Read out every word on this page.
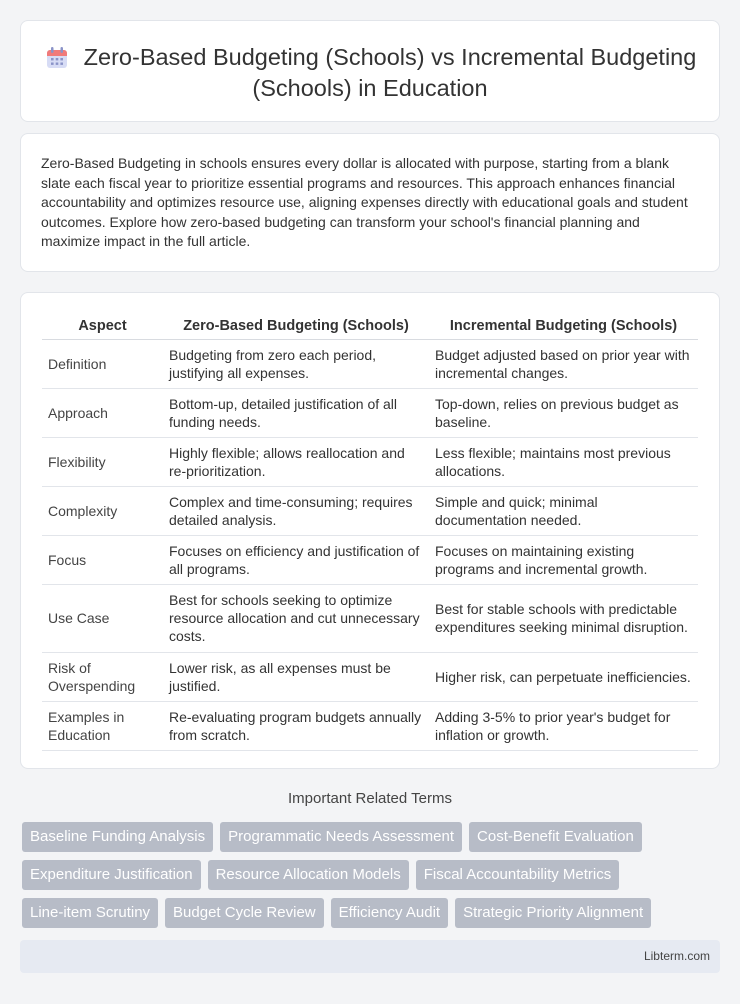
Zero-Based Budgeting (Schools) vs Incremental Budgeting (Schools) in Education

Zero-Based Budgeting in schools ensures every dollar is allocated with purpose, starting from a blank slate each fiscal year to prioritize essential programs and resources. This approach enhances financial accountability and optimizes resource use, aligning expenses directly with educational goals and student outcomes. Explore how zero-based budgeting can transform your school's financial planning and maximize impact in the full article.

Aspect	Zero-Based Budgeting (Schools)	Incremental Budgeting (Schools)
Definition	Budgeting from zero each period, justifying all expenses.	Budget adjusted based on prior year with incremental changes.
Approach	Bottom-up, detailed justification of all funding needs.	Top-down, relies on previous budget as baseline.
Flexibility	Highly flexible; allows reallocation and re-prioritization.	Less flexible; maintains most previous allocations.
Complexity	Complex and time-consuming; requires detailed analysis.	Simple and quick; minimal documentation needed.
Focus	Focuses on efficiency and justification of all programs.	Focuses on maintaining existing programs and incremental growth.
Use Case	Best for schools seeking to optimize resource allocation and cut unnecessary costs.	Best for stable schools with predictable expenditures seeking minimal disruption.
Risk of Overspending	Lower risk, as all expenses must be justified.	Higher risk, can perpetuate inefficiencies.
Examples in Education	Re-evaluating program budgets annually from scratch.	Adding 3-5% to prior year's budget for inflation or growth.
Important Related Terms
Baseline Funding Analysis	Programmatic Needs Assessment	Cost-Benefit Evaluation
Expenditure Justification	Resource Allocation Models	Fiscal Accountability Metrics
Line-item Scrutiny	Budget Cycle Review	Efficiency Audit	Strategic Priority Alignment
Libterm.com
